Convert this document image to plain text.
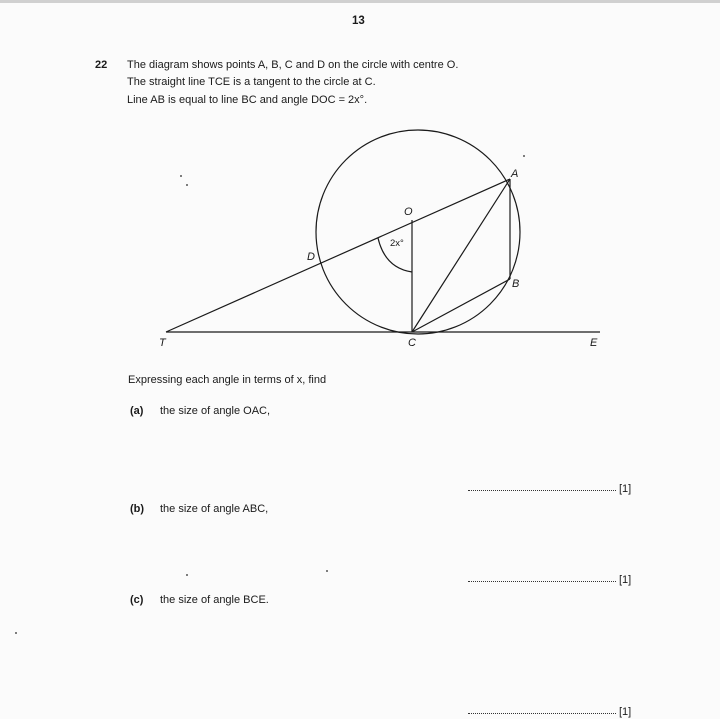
13
22 The diagram shows points A, B, C and D on the circle with centre O.
The straight line TCE is a tangent to the circle at C.
Line AB is equal to line BC and angle DOC = 2x°.
A
B
C
D
O
T	E
2x°
Expressing each angle in terms of x, find
(a) the size of angle OAC,
[1]
(b) the size of angle ABC,
[1]
(c) the size of angle BCE.
[1]
